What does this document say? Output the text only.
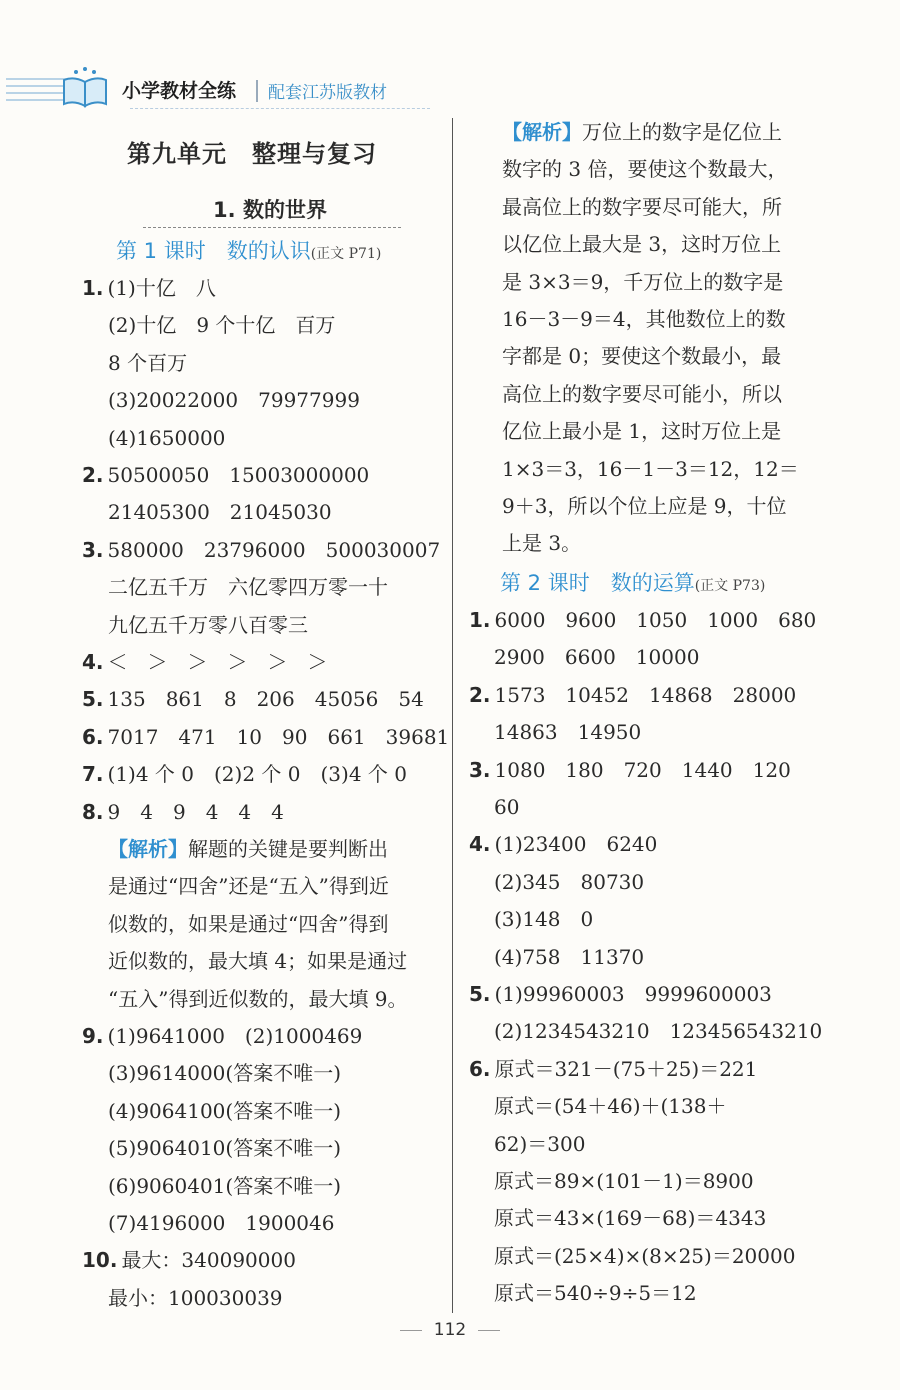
小学教材全练 配套江苏版教材
第九单元　整理与复习
1. 数的世界
第 1 课时　数的认识(正文 P71)
1. (1)十亿　八
(2)十亿　9 个十亿　百万
8 个百万
(3)20022000　79977999
(4)1650000
2. 50500050　15003000000
21405300　21045030
3. 580000　23796000　500030007
二亿五千万　六亿零四万零一十
九亿五千万零八百零三
4. ＜　＞　＞　＞　＞　＞
5. 135　861　8　206　45056　54
6. 7017　471　10　90　661　39681
7. (1)4 个 0　(2)2 个 0　(3)4 个 0
8. 9　4　9　4　4　4
【解析】解题的关键是要判断出
是通过“四舍”还是“五入”得到近
似数的，如果是通过“四舍”得到
近似数的，最大填 4；如果是通过
“五入”得到近似数的，最大填 9。
9. (1)9641000　(2)1000469
(3)9614000(答案不唯一)
(4)9064100(答案不唯一)
(5)9064010(答案不唯一)
(6)9060401(答案不唯一)
(7)4196000　1900046
10. 最大：340090000
最小：100030039
【解析】万位上的数字是亿位上
数字的 3 倍，要使这个数最大，
最高位上的数字要尽可能大，所
以亿位上最大是 3，这时万位上
是 3×3＝9，千万位上的数字是
16－3－9＝4，其他数位上的数
字都是 0；要使这个数最小，最
高位上的数字要尽可能小，所以
亿位上最小是 1，这时万位上是
1×3＝3，16－1－3＝12，12＝
9＋3，所以个位上应是 9，十位
上是 3。
第 2 课时　数的运算(正文 P73)
1. 6000　9600　1050　1000　680
2900　6600　10000
2. 1573　10452　14868　28000
14863　14950
3. 1080　180　720　1440　120
60
4. (1)23400　6240
(2)345　80730
(3)148　0
(4)758　11370
5. (1)99960003　9999600003
(2)1234543210　123456543210
6. 原式＝321－(75＋25)＝221
原式＝(54＋46)＋(138＋
62)＝300
原式＝89×(101－1)＝8900
原式＝43×(169－68)＝4343
原式＝(25×4)×(8×25)＝20000
原式＝540÷9÷5＝12
112
